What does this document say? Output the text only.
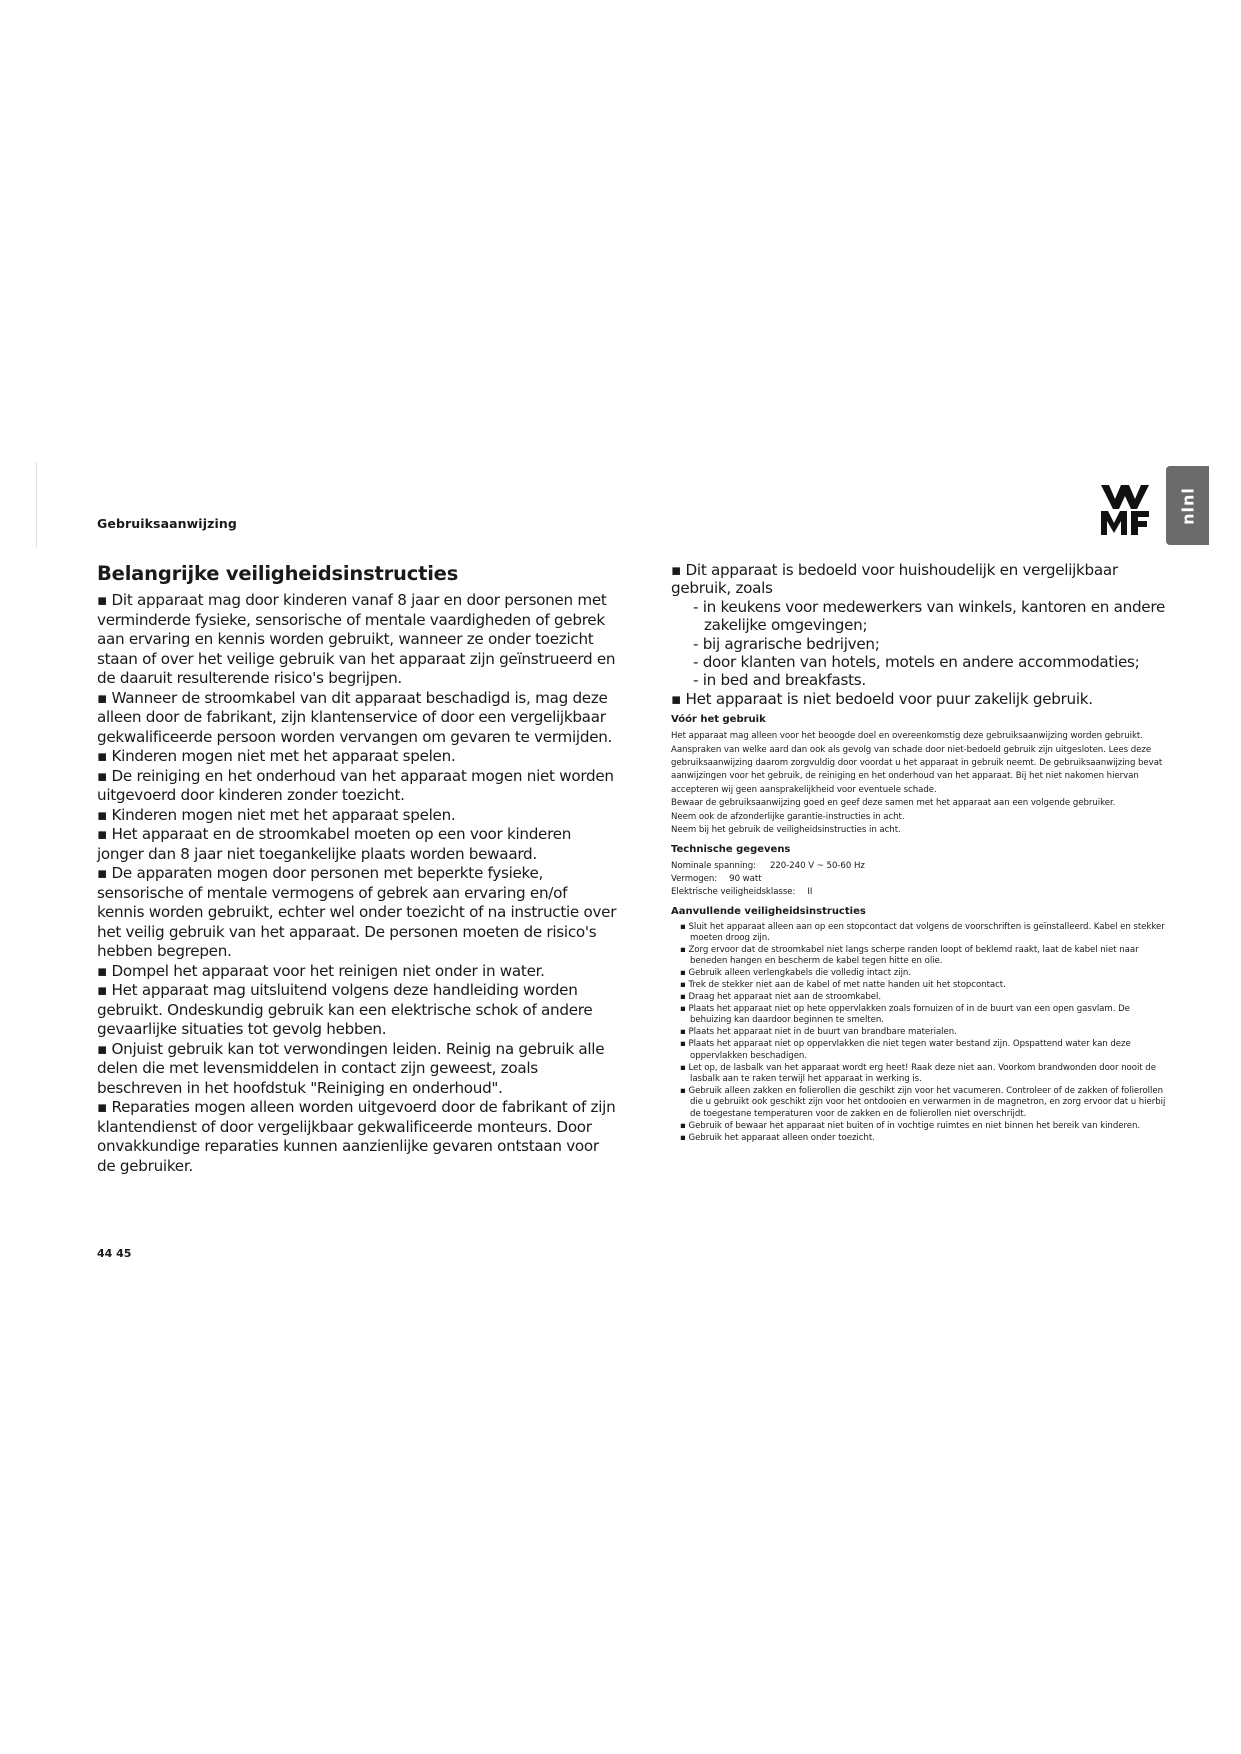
Gebruiksaanwijzing	nlnl
Belangrijke veiligheidsinstructies
▪ Dit apparaat mag door kinderen vanaf 8 jaar en door personen met verminderde fysieke, sensorische of mentale vaardigheden of gebrek aan ervaring en kennis worden gebruikt, wanneer ze onder toezicht staan of over het veilige gebruik van het apparaat zijn geïnstrueerd en de daaruit resulterende risico's begrijpen.
▪ Wanneer de stroomkabel van dit apparaat beschadigd is, mag deze alleen door de fabrikant, zijn klantenservice of door een vergelijkbaar gekwalificeerde persoon worden vervangen om gevaren te vermijden.
▪ Kinderen mogen niet met het apparaat spelen.
▪ De reiniging en het onderhoud van het apparaat mogen niet worden uitgevoerd door kinderen zonder toezicht.
▪ Kinderen mogen niet met het apparaat spelen.
▪ Het apparaat en de stroomkabel moeten op een voor kinderen jonger dan 8 jaar niet toegankelijke plaats worden bewaard.
▪ De apparaten mogen door personen met beperkte fysieke, sensorische of mentale vermogens of gebrek aan ervaring en/of kennis worden gebruikt, echter wel onder toezicht of na instructie over het veilig gebruik van het apparaat. De personen moeten de risico's hebben begrepen.
▪ Dompel het apparaat voor het reinigen niet onder in water.
▪ Het apparaat mag uitsluitend volgens deze handleiding worden gebruikt. Ondeskundig gebruik kan een elektrische schok of andere gevaarlijke situaties tot gevolg hebben.
▪ Onjuist gebruik kan tot verwondingen leiden. Reinig na gebruik alle delen die met levensmiddelen in contact zijn geweest, zoals beschreven in het hoofdstuk "Reiniging en onderhoud".
▪ Reparaties mogen alleen worden uitgevoerd door de fabrikant of zijn klantendienst of door vergelijkbaar gekwalificeerde monteurs. Door onvakkundige reparaties kunnen aanzienlijke gevaren ontstaan voor de gebruiker.
▪ Dit apparaat is bedoeld voor huishoudelijk en vergelijkbaar gebruik, zoals
- in keukens voor medewerkers van winkels, kantoren en andere zakelijke omgevingen;
- bij agrarische bedrijven;
- door klanten van hotels, motels en andere accommodaties;
- in bed and breakfasts.
▪ Het apparaat is niet bedoeld voor puur zakelijk gebruik.
Vóór het gebruik

Het apparaat mag alleen voor het beoogde doel en overeenkomstig deze gebruiksaanwijzing worden gebruikt. Aanspraken van welke aard dan ook als gevolg van schade door niet-bedoeld gebruik zijn uitgesloten. Lees deze gebruiksaanwijzing daarom zorgvuldig door voordat u het apparaat in gebruik neemt. De gebruiksaanwijzing bevat aanwijzingen voor het gebruik, de reiniging en het onderhoud van het apparaat. Bij het niet nakomen hiervan accepteren wij geen aansprakelijkheid voor eventuele schade.

Bewaar de gebruiksaanwijzing goed en geef deze samen met het apparaat aan een volgende gebruiker.

Neem ook de afzonderlijke garantie-instructies in acht.

Neem bij het gebruik de veiligheidsinstructies in acht.

Technische gegevens

Nominale spanning: 220-240 V ~ 50-60 Hz

Vermogen: 90 watt

Elektrische veiligheidsklasse: II

Aanvullende veiligheidsinstructies
▪ Sluit het apparaat alleen aan op een stopcontact dat volgens de voorschriften is geïnstalleerd. Kabel en stekker moeten droog zijn.
▪ Zorg ervoor dat de stroomkabel niet langs scherpe randen loopt of beklemd raakt, laat de kabel niet naar beneden hangen en bescherm de kabel tegen hitte en olie.
▪ Gebruik alleen verlengkabels die volledig intact zijn.
▪ Trek de stekker niet aan de kabel of met natte handen uit het stopcontact.
▪ Draag het apparaat niet aan de stroomkabel.
▪ Plaats het apparaat niet op hete oppervlakken zoals fornuizen of in de buurt van een open gasvlam. De behuizing kan daardoor beginnen te smelten.
▪ Plaats het apparaat niet in de buurt van brandbare materialen.
▪ Plaats het apparaat niet op oppervlakken die niet tegen water bestand zijn. Opspattend water kan deze oppervlakken beschadigen.
▪ Let op, de lasbalk van het apparaat wordt erg heet! Raak deze niet aan. Voorkom brandwonden door nooit de lasbalk aan te raken terwijl het apparaat in werking is.
▪ Gebruik alleen zakken en folierollen die geschikt zijn voor het vacumeren. Controleer of de zakken of folierollen die u gebruikt ook geschikt zijn voor het ontdooien en verwarmen in de magnetron, en zorg ervoor dat u hierbij de toegestane temperaturen voor de zakken en de folierollen niet overschrijdt.
▪ Gebruik of bewaar het apparaat niet buiten of in vochtige ruimtes en niet binnen het bereik van kinderen.
▪ Gebruik het apparaat alleen onder toezicht.
44 45
